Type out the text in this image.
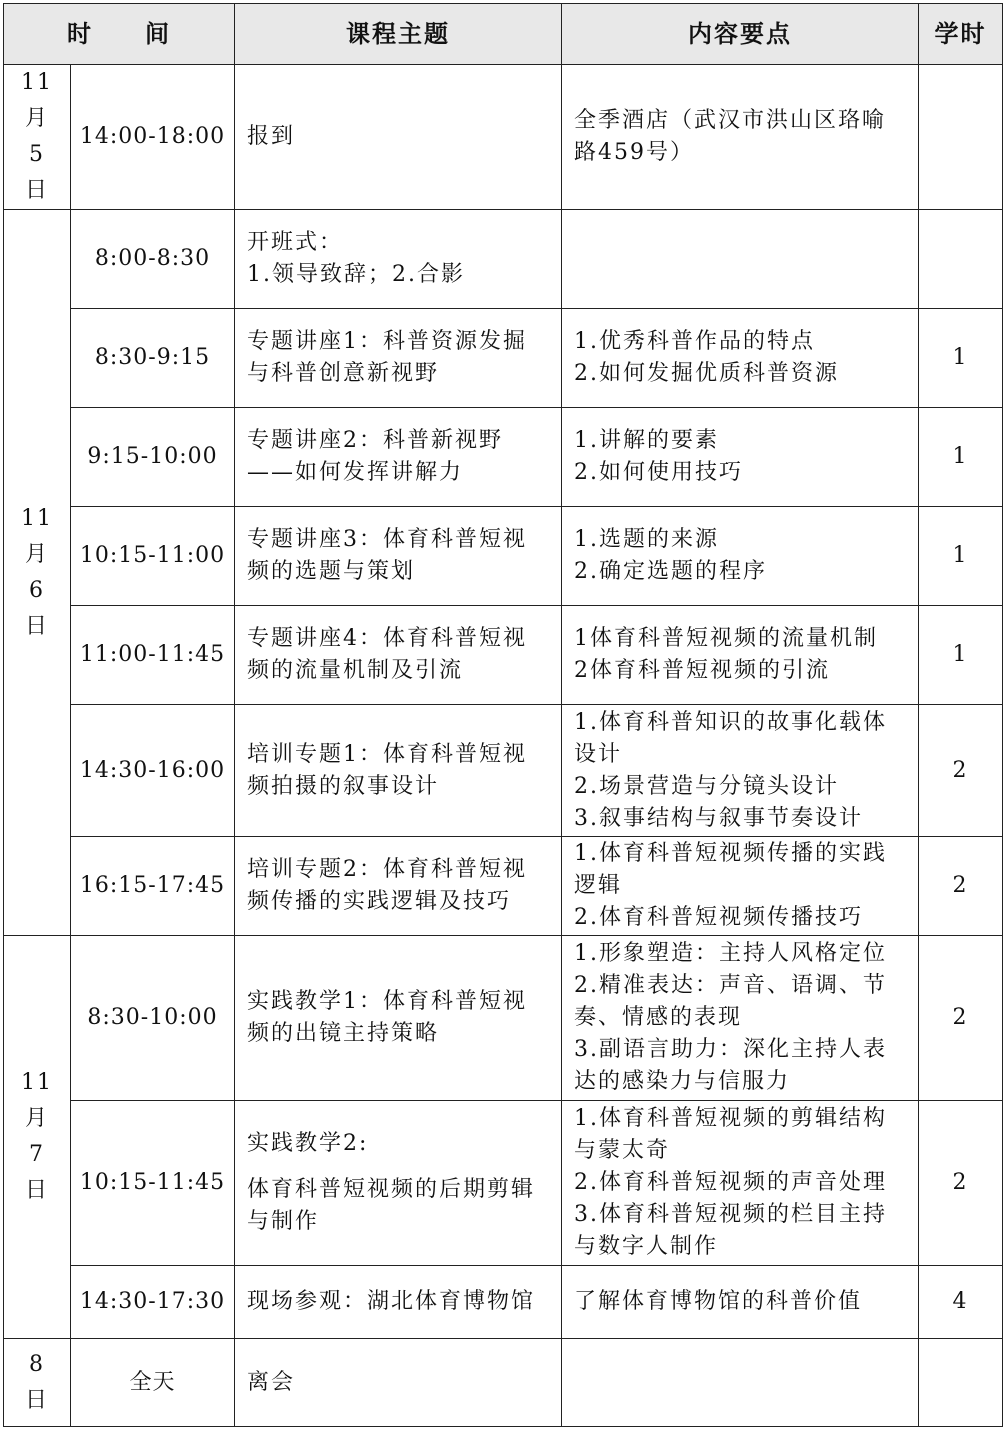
时　　间		课程主题	内容要点	学时

11
月
5
日	14:00-18:00	报到	全季酒店（武汉市洪山区珞喻路459号）	

11
月
6
日	8:00-8:30	开班式：
1.领导致辞；2.合影		

	8:30-9:15	专题讲座1：科普资源发掘与科普创意新视野	1.优秀科普作品的特点
2.如何发掘优质科普资源	1
	9:15-10:00	专题讲座2：科普新视野——如何发挥讲解力	1.讲解的要素
2.如何使用技巧	1
	10:15-11:00	专题讲座3：体育科普短视频的选题与策划	1.选题的来源
2.确定选题的程序	1
	11:00-11:45	专题讲座4：体育科普短视频的流量机制及引流	1体育科普短视频的流量机制
2体育科普短视频的引流	1
	14:30-16:00	培训专题1：体育科普短视频拍摄的叙事设计	1.体育科普知识的故事化载体设计
2.场景营造与分镜头设计
3.叙事结构与叙事节奏设计	2
	16:15-17:45	培训专题2：体育科普短视频传播的实践逻辑及技巧	1.体育科普短视频传播的实践逻辑
2.体育科普短视频传播技巧	2

11
月
7
日	8:30-10:00	实践教学1：体育科普短视频的出镜主持策略	1.形象塑造：主持人风格定位
2.精准表达：声音、语调、节奏、情感的表现
3.副语言助力：深化主持人表达的感染力与信服力	2
	10:15-11:45	实践教学2:
体育科普短视频的后期剪辑与制作	1.体育科普短视频的剪辑结构与蒙太奇
2.体育科普短视频的声音处理
3.体育科普短视频的栏目主持与数字人制作	2
	14:30-17:30	现场参观：湖北体育博物馆	了解体育博物馆的科普价值	4

8
日	全天	离会		
